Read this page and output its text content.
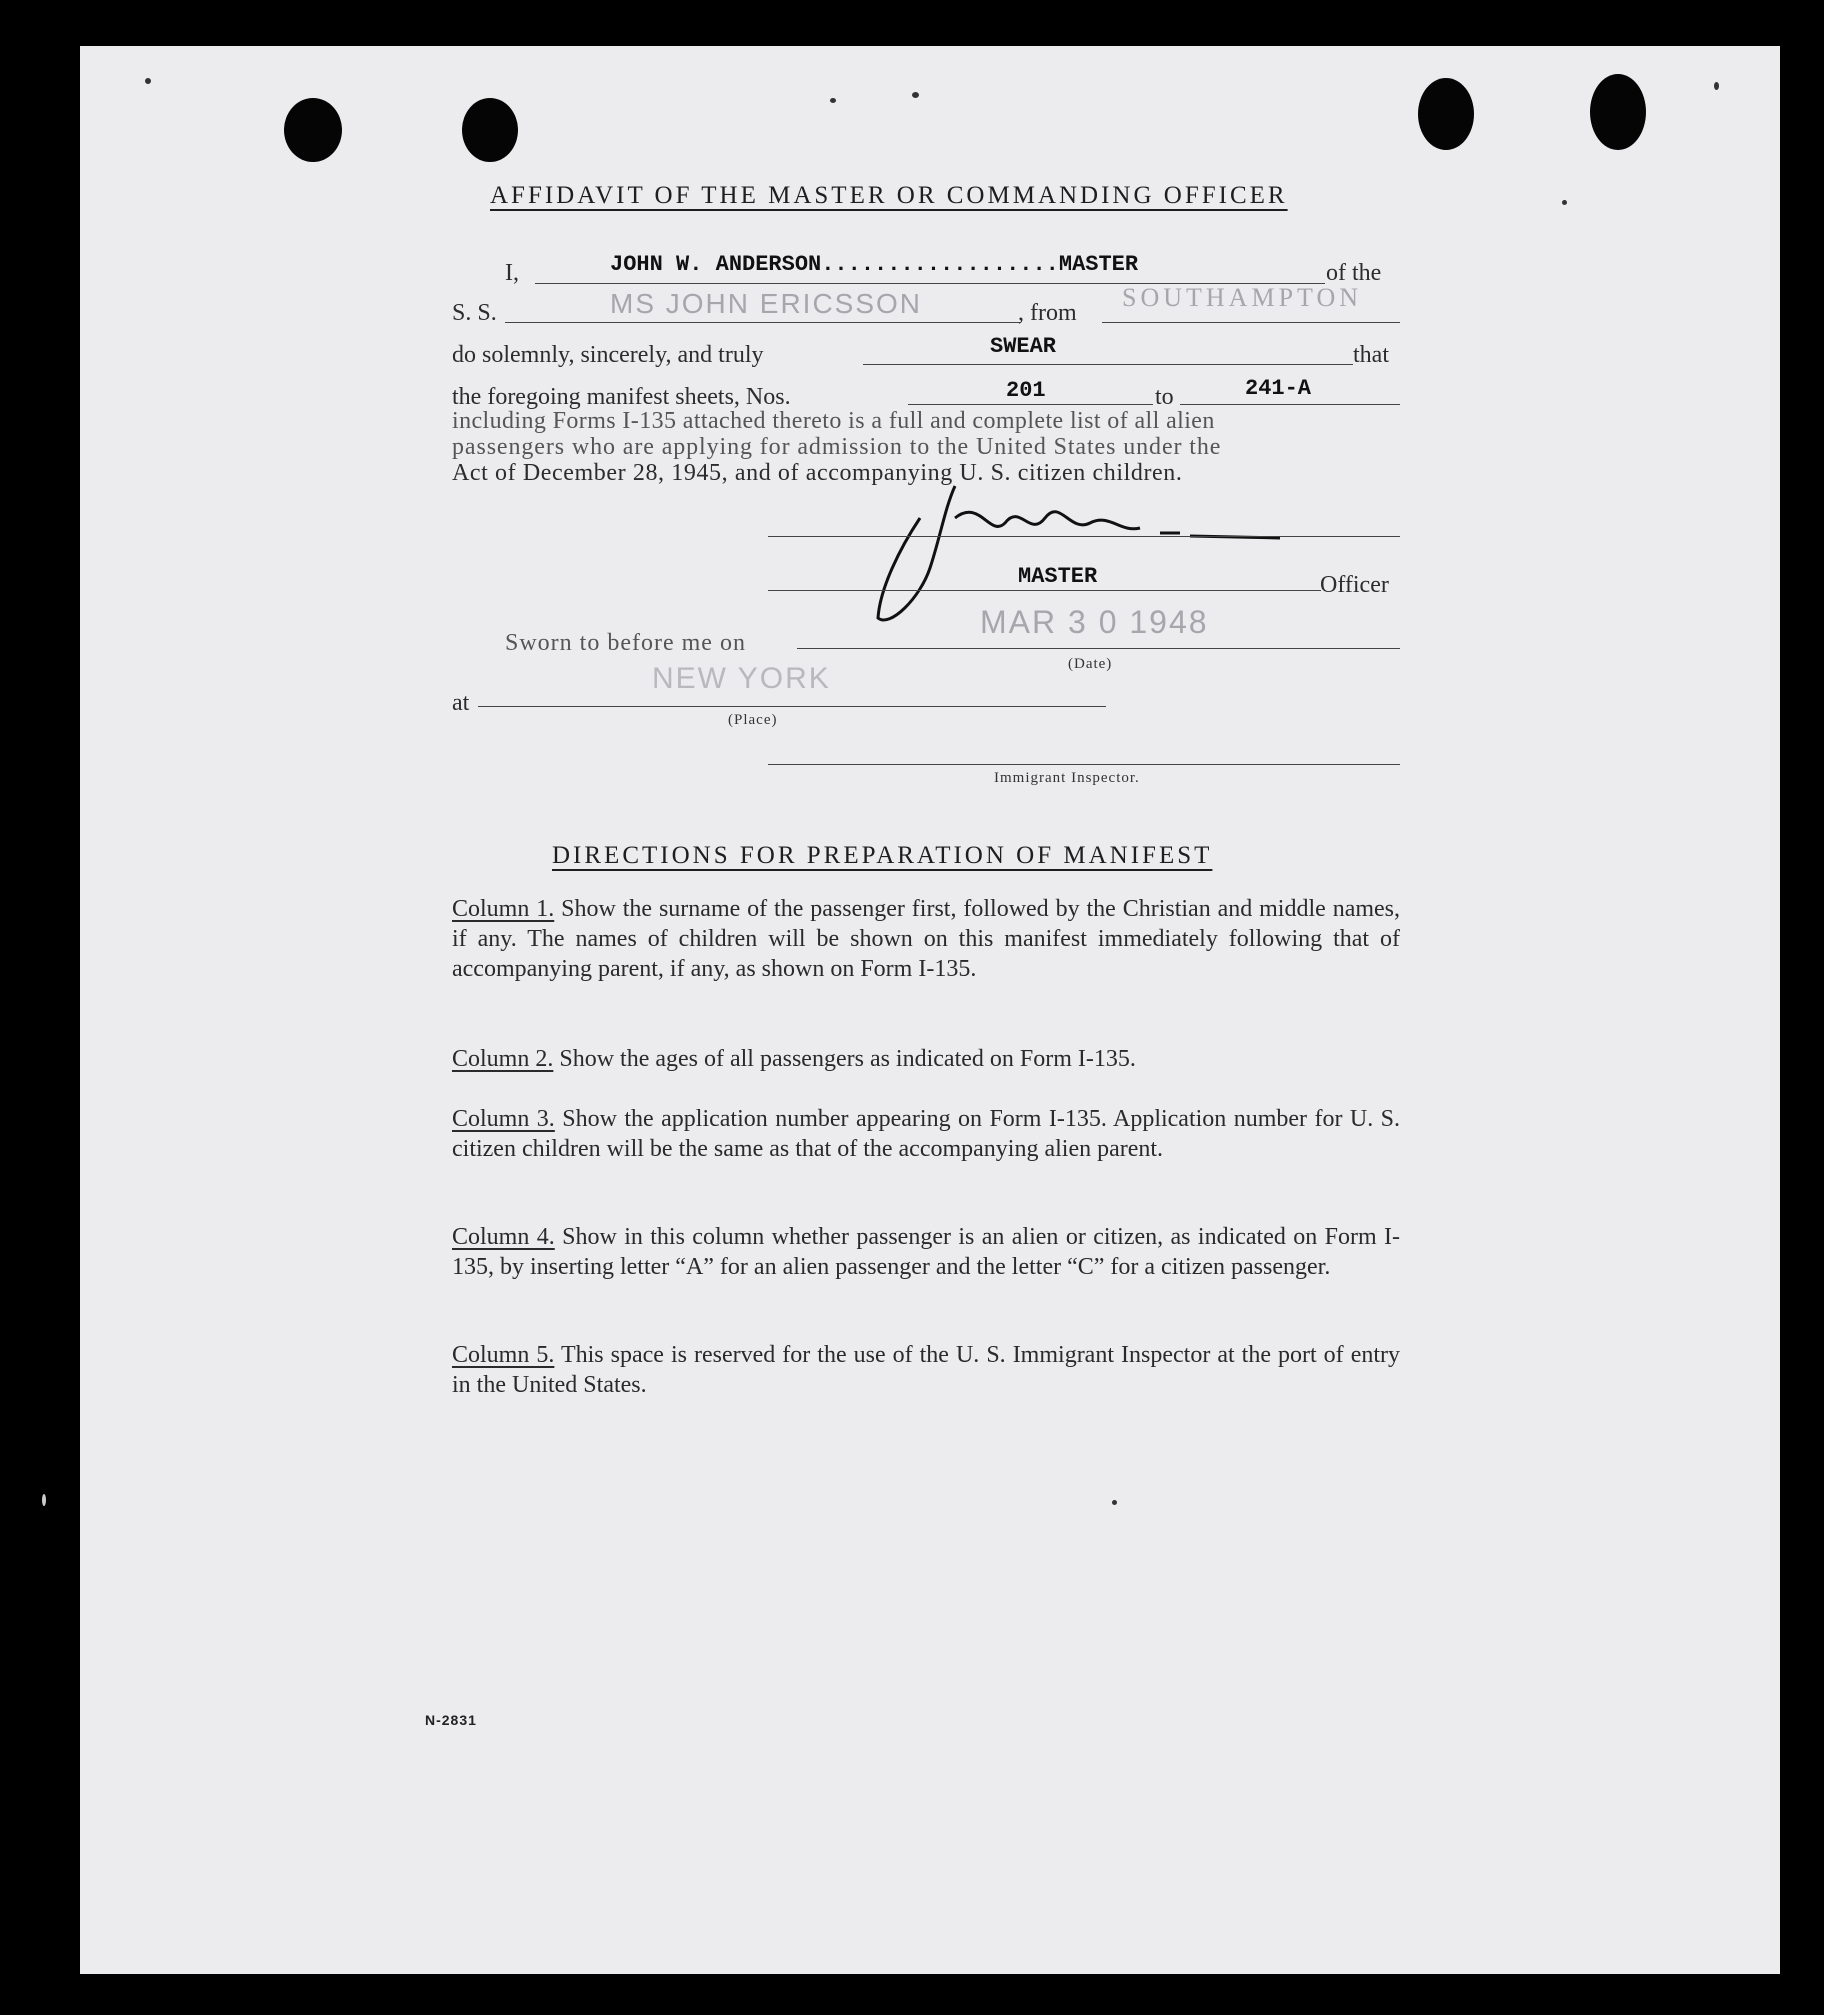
AFFIDAVIT OF THE MASTER OR COMMANDING OFFICER
I,	JOHN W. ANDERSON..................MASTER	of the
S. S.	MS JOHN ERICSSON	, from
SOUTHAMPTON
do solemnly, sincerely, and truly	SWEAR	that
the foregoing manifest sheets, Nos.	201	to	241-A
including Forms I-135 attached thereto is a full and complete list of all alien
passengers who are applying for admission to the United States under the
Act of December 28, 1945, and of accompanying U. S. citizen children.
MASTER	Officer
Sworn to before me on
MAR 3 0 1948
(Date)
at
NEW YORK
(Place)
Immigrant Inspector.
DIRECTIONS FOR PREPARATION OF MANIFEST
Column 1. Show the surname of the passenger first, followed by the Christian and middle names, if any. The names of children will be shown on this manifest immediately following that of accompanying parent, if any, as shown on Form I-135.
Column 2. Show the ages of all passengers as indicated on Form I-135.
Column 3. Show the application number appearing on Form I-135. Application number for U. S. citizen children will be the same as that of the accompanying alien parent.
Column 4. Show in this column whether passenger is an alien or citizen, as indicated on Form I-135, by inserting letter “A” for an alien passenger and the letter “C” for a citizen passenger.
Column 5. This space is reserved for the use of the U. S. Immigrant Inspector at the port of entry in the United States.
N-2831
